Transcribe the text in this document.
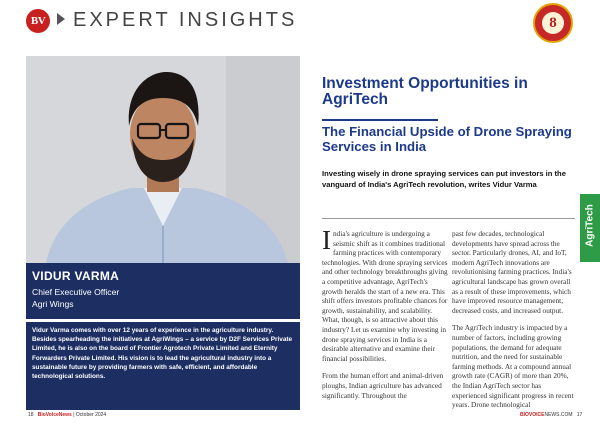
BV EXPERT INSIGHTS	8
VIDUR VARMA
Chief Executive Officer
Agri Wings
Vidur Varma comes with over 12 years of experience in the agriculture industry. Besides spearheading the initiatives at AgriWings – a service by D2F Services Private Limited, he is also on the board of Frontier Agrotech Private Limited and Eternity Forwarders Private Limited. His vision is to lead the agricultural industry into a sustainable future by providing farmers with safe, efficient, and affordable technological solutions.
Investment Opportunities in AgriTech
The Financial Upside of Drone Spraying Services in India
Investing wisely in drone spraying services can put investors in the vanguard of India's AgriTech revolution, writes Vidur Varma

India's agriculture is undergoing a seismic shift as it combines traditional farming practices with contemporary technologies. With drone spraying services and other technology breakthroughs giving a competitive advantage, AgriTech's growth heralds the start of a new era. This shift offers investors profitable chances for growth, sustainability, and scalability. What, though, is so attractive about this industry? Let us examine why investing in drone spraying services in India is a desirable alternative and examine their financial possibilities.

From the human effort and animal-driven ploughs, Indian agriculture has advanced significantly. Throughout the

past few decades, technological developments have spread across the sector. Particularly drones, AI, and IoT, modern AgriTech innovations are revolutionising farming practices. India's agricultural landscape has grown overall as a result of these improvements, which have improved resource management, decreased costs, and increased output.

The AgriTech industry is impacted by a number of factors, including growing populations, the demand for adequate nutrition, and the need for sustainable farming methods. At a compound annual growth rate (CAGR) of more than 20%, the Indian AgriTech sector has experienced significant progress in recent years. Drone technological

AgriTech
18 BioVoiceNews | October 2024	BIOVOICENEWS.COM 17
